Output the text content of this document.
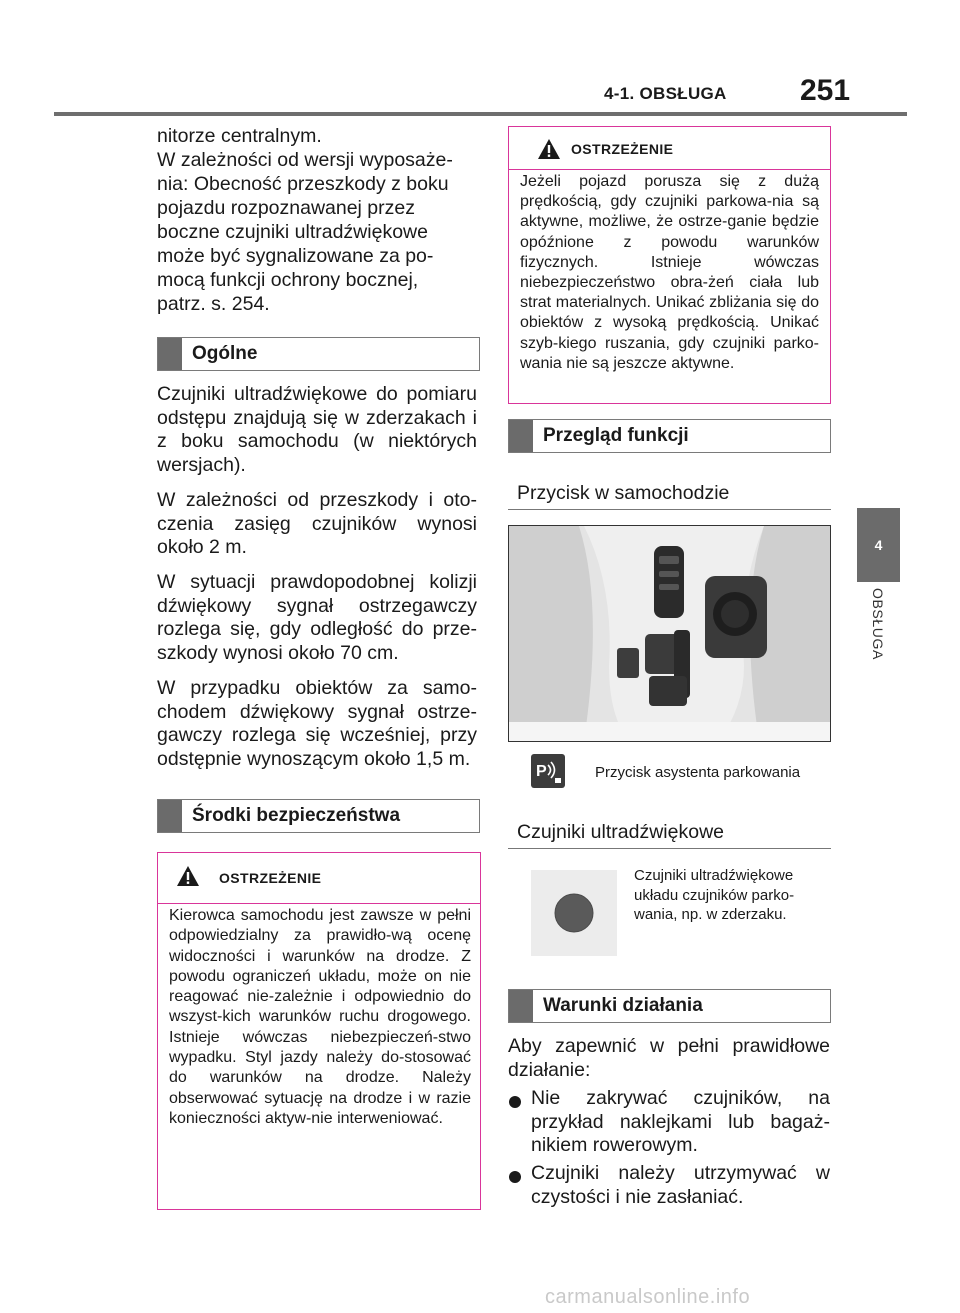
4-1. OBSŁUGA 251
4
OBSŁUGA
nitorze centralnym.
W zależności od wersji wyposaże-
nia: Obecność przeszkody z boku
pojazdu rozpoznawanej przez
boczne czujniki ultradźwiękowe
może być sygnalizowane za po-
mocą funkcji ochrony bocznej,
patrz. s. 254.
Ogólne
Czujniki ultradźwiękowe do pomiaru odstępu znajdują się w zderzakach i z boku samochodu (w niektórych wersjach).
W zależności od przeszkody i oto-czenia zasięg czujników wynosi około 2 m.
W sytuacji prawdopodobnej kolizji dźwiękowy sygnał ostrzegawczy rozlega się, gdy odległość do prze-szkody wynosi około 70 cm.
W przypadku obiektów za samo-chodem dźwiękowy sygnał ostrze-gawczy rozlega się wcześniej, przy odstępnie wynoszącym około 1,5 m.
Środki bezpieczeństwa
OSTRZEŻENIE
Kierowca samochodu jest zawsze w pełni odpowiedzialny za prawidło-wą ocenę widoczności i warunków na drodze. Z powodu ograniczeń układu, może on nie reagować nie-zależnie i odpowiednio do wszyst-kich warunków ruchu drogowego. Istnieje wówczas niebezpieczeń-stwo wypadku. Styl jazdy należy do-stosować do warunków na drodze. Należy obserwować sytuację na drodze i w razie konieczności aktyw-nie interweniować.
OSTRZEŻENIE
Jeżeli pojazd porusza się z dużą prędkością, gdy czujniki parkowa-nia są aktywne, możliwe, że ostrze-ganie będzie opóźnione z powodu warunków fizycznych. Istnieje wówczas niebezpieczeństwo obra-żeń ciała lub strat materialnych. Unikać zbliżania się do obiektów z wysoką prędkością. Unikać szyb-kiego ruszania, gdy czujniki parko-wania nie są jeszcze aktywne.
Przegląd funkcji
Przycisk w samochodzie
P	Przycisk asystenta parkowania
Czujniki ultradźwiękowe
Czujniki ultradźwiękowe układu czujników parko-wania, np. w zderzaku.
Warunki działania
Aby zapewnić w pełni prawidłowe działanie:
Nie zakrywać czujników, na przykład naklejkami lub bagaż-nikiem rowerowym.
Czujniki należy utrzymywać w czystości i nie zasłaniać.
carmanualsonline.info
